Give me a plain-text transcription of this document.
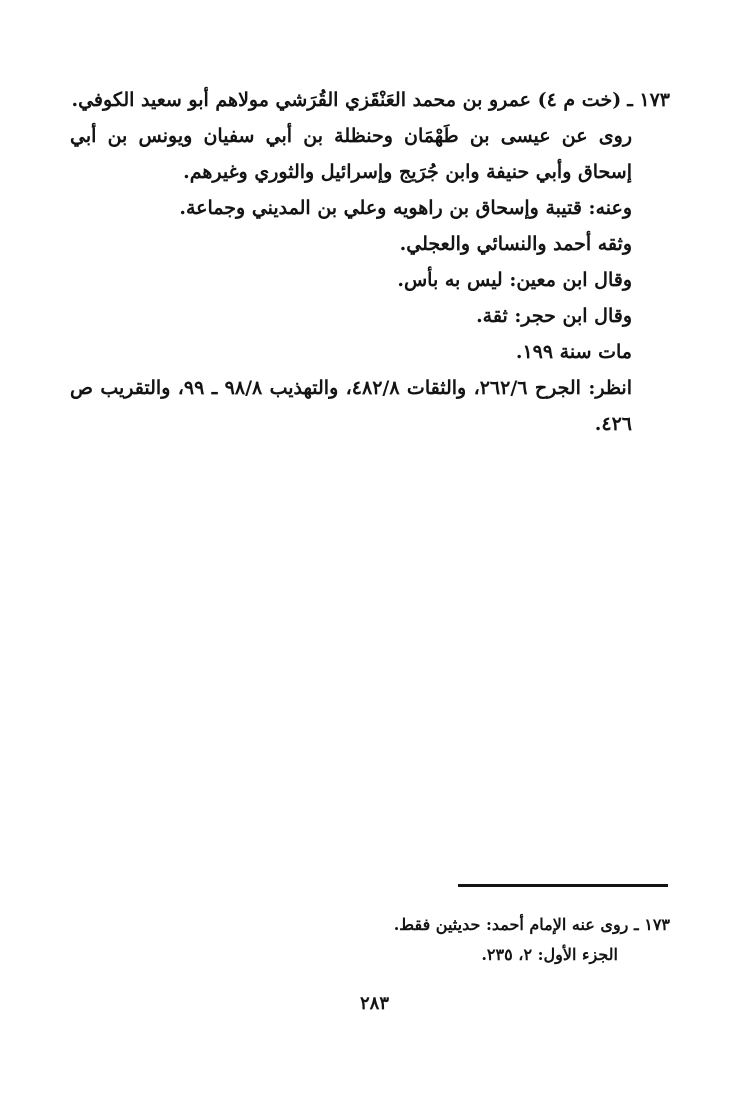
١٧٣ ـ(خت م ٤) عمرو بن محمد العَنْقَزي القُرَشي مولاهم أبو سعيد الكوفي.

روى عن عيسى بن طَهْمَان وحنظلة بن أبي سفيان ويونس بن أبي إسحاق وأبي حنيفة وابن جُرَيج وإسرائيل والثوري وغيرهم.

وعنه: قتيبة وإسحاق بن راهويه وعلي بن المديني وجماعة.

وثقه أحمد والنسائي والعجلي.

وقال ابن معين: ليس به بأس.

وقال ابن حجر: ثقة.

مات سنة ١٩٩.

انظر: الجرح ٢٦٢/٦، والثقات ٤٨٢/٨، والتهذيب ٩٨/٨ ـ ٩٩، والتقريب ص ٤٢٦.

١٧٣ ـ روى عنه الإمام أحمد: حديثين فقط.

الجزء الأول: ٢، ٢٣٥.

٢٨٣
